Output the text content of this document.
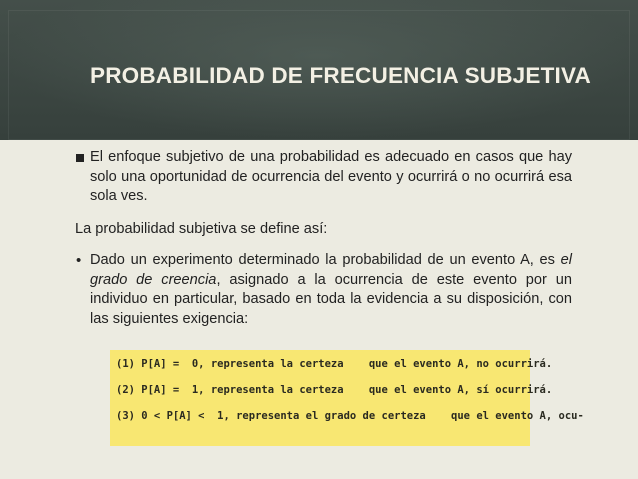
PROBABILIDAD DE FRECUENCIA SUBJETIVA
El enfoque subjetivo de una probabilidad es adecuado en casos que hay solo una oportunidad de ocurrencia del evento y ocurrirá o no ocurrirá esa sola ves.
La probabilidad subjetiva se define así:
• Dado un experimento determinado la probabilidad de un evento A, es el grado de creencia, asignado a la ocurrencia de este evento por un individuo en particular, basado en toda la evidencia a su disposición, con las siguientes exigencia:
(1) P[A] =  0, representa la certeza    que el evento A, no ocurrirá.
(2) P[A] =  1, representa la certeza    que el evento A, sí ocurrirá.
(3) 0 < P[A] <  1, representa el grado de certeza    que el evento A, ocu-
